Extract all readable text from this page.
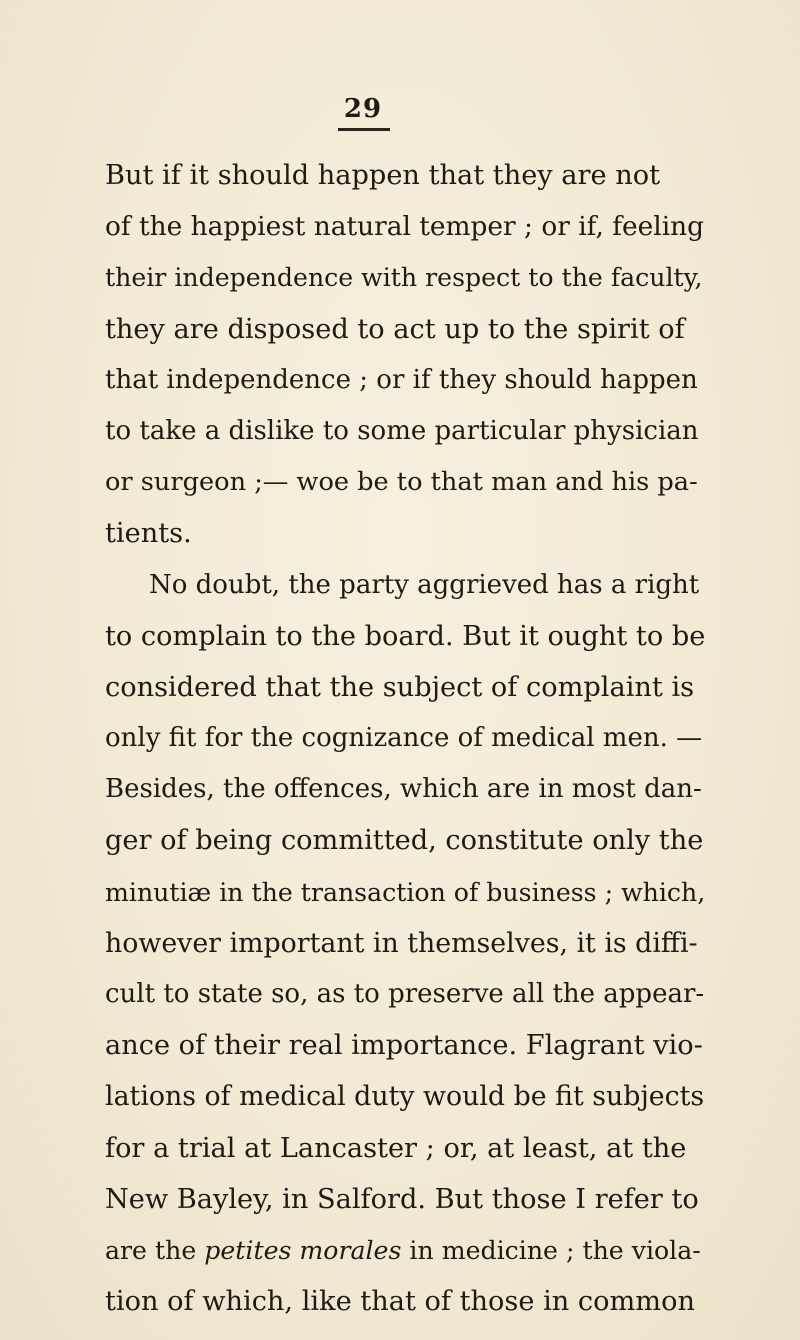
29
But if it should happen that they are not
of the happiest natural temper ; or if, feeling
their independence with respect to the faculty,
they are disposed to act up to the spirit of
that independence ; or if they should happen
to take a dislike to some particular physician
or surgeon ;— woe be to that man and his pa-
tients.
No doubt, the party aggrieved has a right
to complain to the board. But it ought to be
considered that the subject of complaint is
only fit for the cognizance of medical men. —
Besides, the offences, which are in most dan-
ger of being committed, constitute only the
minutiæ in the transaction of business ; which,
however important in themselves, it is diffi-
cult to state so, as to preserve all the appear-
ance of their real importance. Flagrant vio-
lations of medical duty would be fit subjects
for a trial at Lancaster ; or, at least, at the
New Bayley, in Salford. But those I refer to
are the petites morales in medicine ; the viola-
tion of which, like that of those in common
